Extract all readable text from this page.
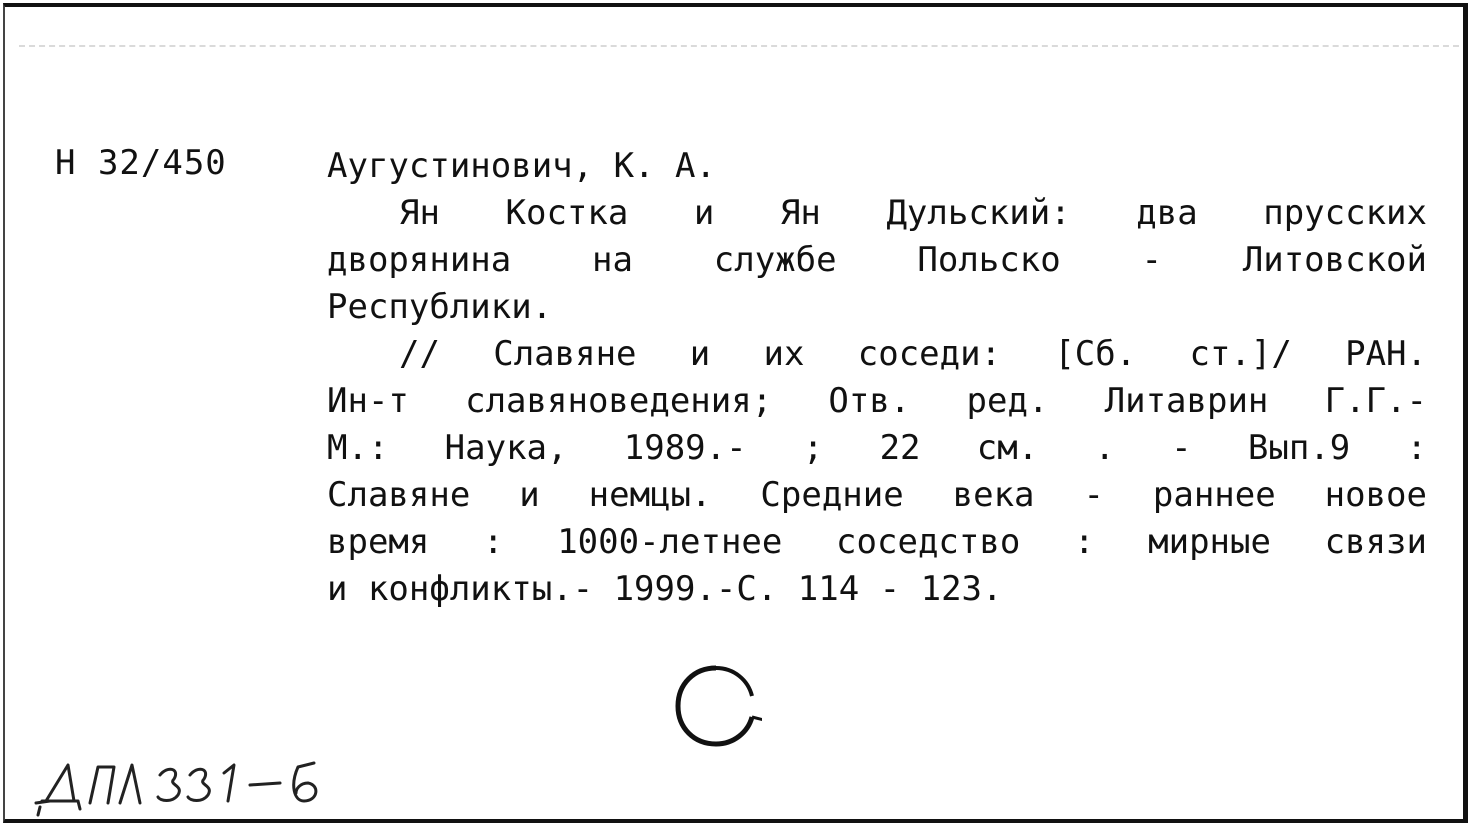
Н 32/450	Аугустинович, К. А.

Ян Костка и Ян Дульский: два прусских

дворянина на службе Польско - Литовской

Республики.

// Славяне и их соседи: [Сб. ст.]/ РАН.

Ин-т славяноведения; Отв. ред. Литаврин Г.Г.-

М.: Наука, 1989.- ; 22 см. . - Вып.9 :

Славяне и немцы. Средние века - раннее новое

время : 1000-летнее соседство : мирные связи

и конфликты.- 1999.-С. 114 - 123.
